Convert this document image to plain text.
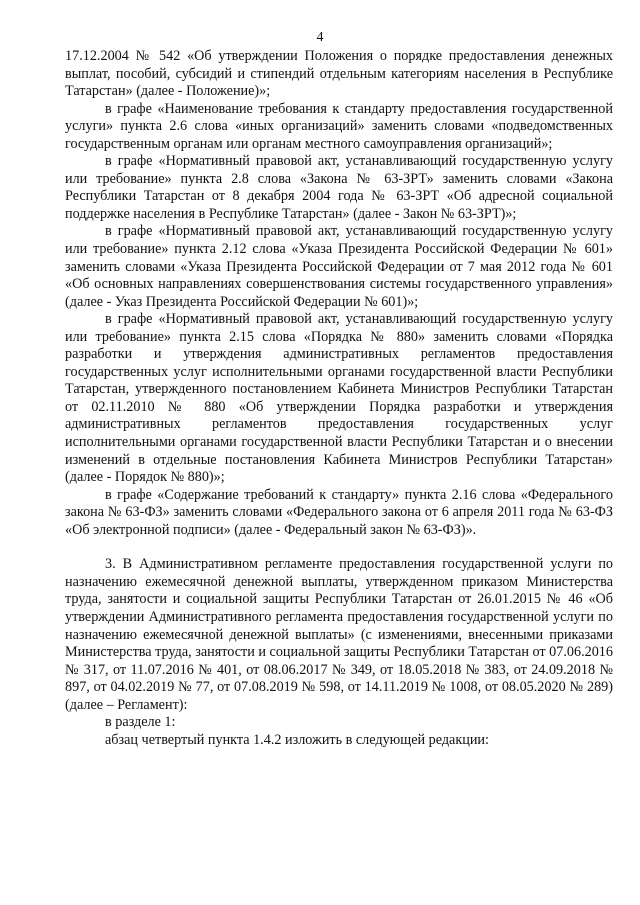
4

17.12.2004 № 542 «Об утверждении Положения о порядке предоставления денежных выплат, пособий, субсидий и стипендий отдельным категориям населения в Республике Татарстан» (далее - Положение)»;

в графе «Наименование требования к стандарту предоставления государственной услуги» пункта 2.6 слова «иных организаций» заменить словами «подведомственных государственным органам или органам местного самоуправления организаций»;

в графе «Нормативный правовой акт, устанавливающий государственную услугу или требование» пункта 2.8 слова «Закона № 63-ЗРТ» заменить словами «Закона Республики Татарстан от 8 декабря 2004 года № 63-ЗРТ «Об адресной социальной поддержке населения в Республике Татарстан» (далее - Закон № 63-ЗРТ)»;

в графе «Нормативный правовой акт, устанавливающий государственную услугу или требование» пункта 2.12 слова «Указа Президента Российской Федерации № 601» заменить словами «Указа Президента Российской Федерации от 7 мая 2012 года № 601 «Об основных направлениях совершенствования системы государственного управления» (далее - Указ Президента Российской Федерации № 601)»;

в графе «Нормативный правовой акт, устанавливающий государственную услугу или требование» пункта 2.15 слова «Порядка № 880» заменить словами «Порядка разработки и утверждения административных регламентов предоставления государственных услуг исполнительными органами государственной власти Республики Татарстан, утвержденного постановлением Кабинета Министров Республики Татарстан от 02.11.2010 № 880 «Об утверждении Порядка разработки и утверждения административных регламентов предоставления государственных услуг исполнительными органами государственной власти Республики Татарстан и о внесении изменений в отдельные постановления Кабинета Министров Республики Татарстан» (далее - Порядок № 880)»;

в графе «Содержание требований к стандарту» пункта 2.16 слова «Федерального закона № 63-ФЗ» заменить словами «Федерального закона от 6 апреля 2011 года № 63-ФЗ «Об электронной подписи» (далее - Федеральный закон № 63-ФЗ)».

3. В Административном регламенте предоставления государственной услуги по назначению ежемесячной денежной выплаты, утвержденном приказом Министерства труда, занятости и социальной защиты Республики Татарстан от 26.01.2015 № 46 «Об утверждении Административного регламента предоставления государственной услуги по назначению ежемесячной денежной выплаты» (с изменениями, внесенными приказами Министерства труда, занятости и социальной защиты Республики Татарстан от 07.06.2016 № 317, от 11.07.2016 № 401, от 08.06.2017 № 349, от 18.05.2018 № 383, от 24.09.2018 № 897, от 04.02.2019 № 77, от 07.08.2019 № 598, от 14.11.2019 № 1008, от 08.05.2020 № 289) (далее – Регламент):

в разделе 1:

абзац четвертый пункта 1.4.2 изложить в следующей редакции:
